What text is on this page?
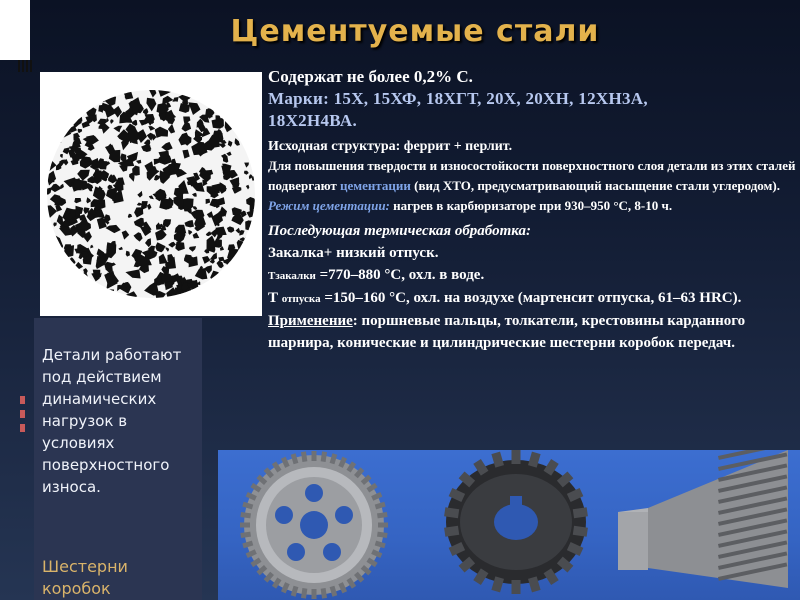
Цементуемые стали
Содержат не более 0,2% С.
Марки: 15Х, 15ХФ, 18ХГТ, 20Х, 20ХН, 12ХН3А,
18Х2Н4ВА.
Исходная структура: феррит + перлит.
Для повышения твердости и износостойкости поверхностного слоя детали из этих сталей подвергают цементации (вид ХТО, предусматривающий насыщение стали углеродом). Режим цементации: нагрев в карбюризаторе при 930–950 °С, 8-10 ч.
Последующая термическая обработка:
Закалка+ низкий отпуск.
Тзакалки =770–880 °С, охл. в воде.
Т отпуска =150–160 °С, охл. на воздухе (мартенсит отпуска, 61–63 HRC).
Применение: поршневые пальцы, толкатели, крестовины карданного шарнира, конические и цилиндрические шестерни коробок передач.
Детали работают под действием динамических нагрузок в условиях поверхностного износа.
Шестерни коробок
